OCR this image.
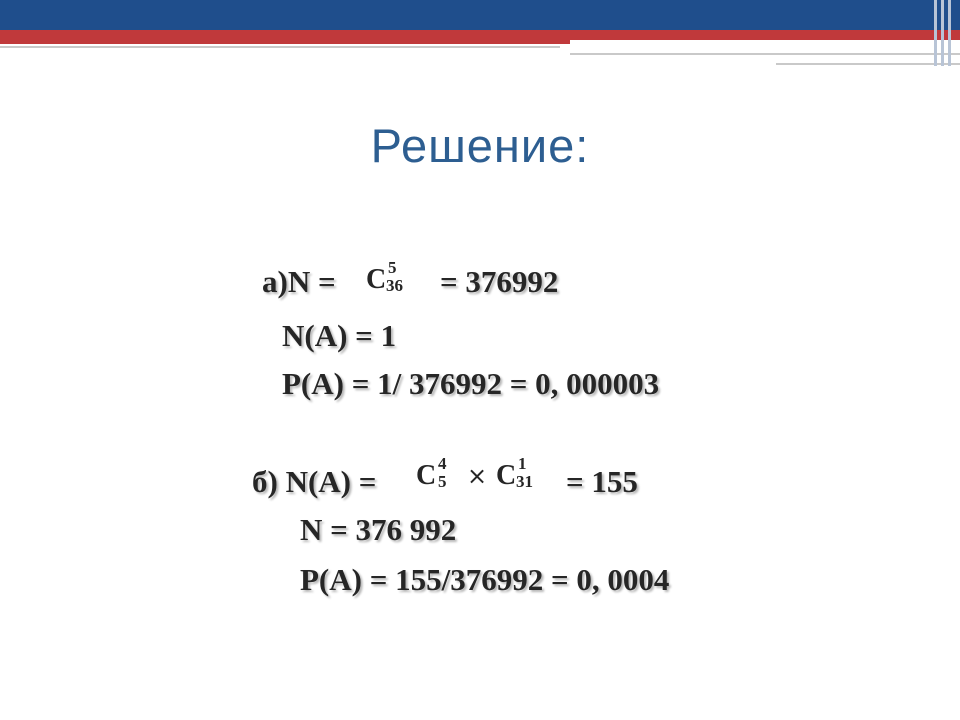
Решение:
а)N = C 5
36 = 376992
N(A) = 1
P(A) = 1/ 376992 = 0, 000003
б) N(A) = C 4
5 × C 1
31 = 155
N = 376 992
P(A) = 155/376992 = 0, 0004
